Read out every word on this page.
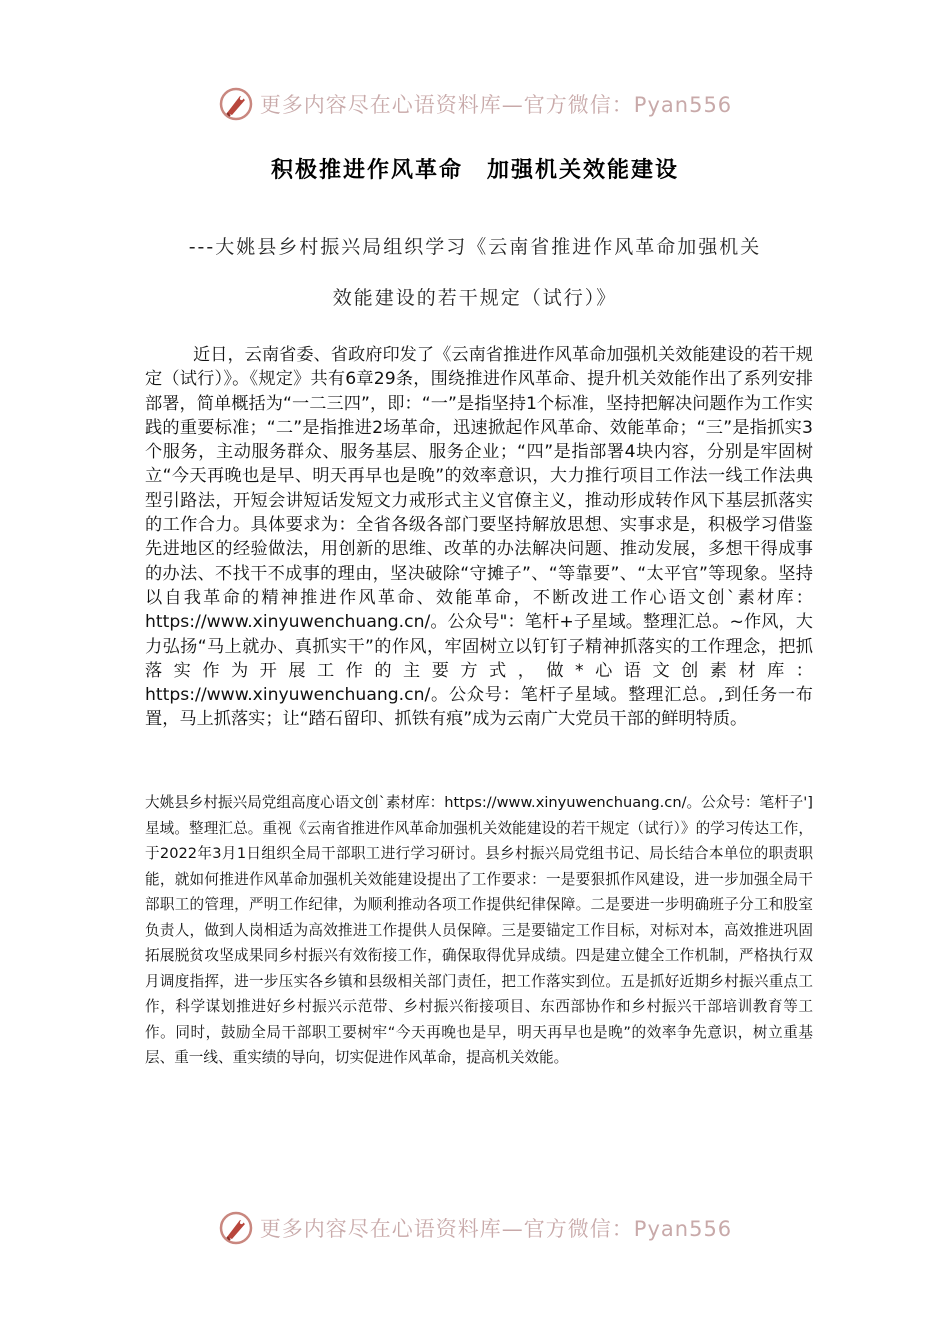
更多内容尽在心语资料库—官方微信：Pyan556
积极推进作风革命　加强机关效能建设
---大姚县乡村振兴局组织学习《云南省推进作风革命加强机关
效能建设的若干规定（试行）》

近日，云南省委、省政府印发了《云南省推进作风革命加强机关效能建设的若干规定（试行）》。《规定》共有6章29条，围绕推进作风革命、提升机关效能作出了系列安排部署，简单概括为“一二三四”，即：“一”是指坚持1个标准，坚持把解决问题作为工作实践的重要标准；“二”是指推进2场革命，迅速掀起作风革命、效能革命；“三”是指抓实3个服务，主动服务群众、服务基层、服务企业；“四”是指部署4块内容，分别是牢固树立“今天再晚也是早、明天再早也是晚”的效率意识，大力推行项目工作法一线工作法典型引路法，开短会讲短话发短文力戒形式主义官僚主义，推动形成转作风下基层抓落实的工作合力。具体要求为：全省各级各部门要坚持解放思想、实事求是，积极学习借鉴先进地区的经验做法，用创新的思维、改革的办法解决问题、推动发展，多想干得成事的办法、不找干不成事的理由，坚决破除“守摊子”、“等靠要”、“太平官”等现象。坚持以自我革命的精神推进作风革命、效能革命，不断改进工作心语文创`素材库：https://www.xinyuwenchuang.cn/。公众号"：笔杆+子星域。整理汇总。~作风，大力弘扬“马上就办、真抓实干”的作风，牢固树立以钉钉子精神抓落实的工作理念，把抓落实作为开展工作的主要方式，做*心语文创素材库：https://www.xinyuwenchuang.cn/。公众号：笔杆子星域。整理汇总。,到任务一布置，马上抓落实；让“踏石留印、抓铁有痕”成为云南广大党员干部的鲜明特质。

大姚县乡村振兴局党组高度心语文创`素材库：https://www.xinyuwenchuang.cn/。公众号：笔杆子']星域。整理汇总。重视《云南省推进作风革命加强机关效能建设的若干规定（试行）》的学习传达工作，于2022年3月1日组织全局干部职工进行学习研讨。县乡村振兴局党组书记、局长结合本单位的职责职能，就如何推进作风革命加强机关效能建设提出了工作要求：一是要狠抓作风建设，进一步加强全局干部职工的管理，严明工作纪律，为顺利推动各项工作提供纪律保障。二是要进一步明确班子分工和股室负责人，做到人岗相适为高效推进工作提供人员保障。三是要锚定工作目标，对标对本，高效推进巩固拓展脱贫攻坚成果同乡村振兴有效衔接工作，确保取得优异成绩。四是建立健全工作机制，严格执行双月调度指挥，进一步压实各乡镇和县级相关部门责任，把工作落实到位。五是抓好近期乡村振兴重点工作，科学谋划推进好乡村振兴示范带、乡村振兴衔接项目、东西部协作和乡村振兴干部培训教育等工作。同时，鼓励全局干部职工要树牢“今天再晚也是早，明天再早也是晚”的效率争先意识，树立重基层、重一线、重实绩的导向，切实促进作风革命，提高机关效能。

更多内容尽在心语资料库—官方微信：Pyan556
